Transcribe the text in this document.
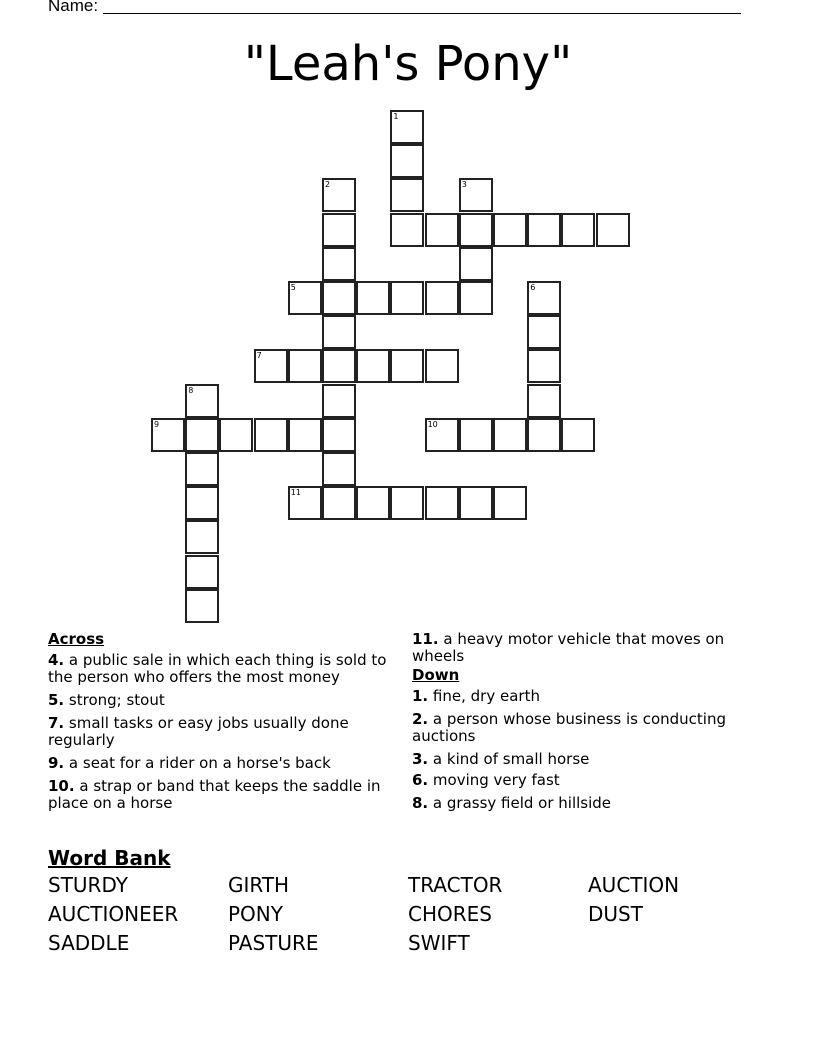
Name:
"Leah's Pony"
5
7
9	10
11
1
2	3
6
8
Across
4. a public sale in which each thing is sold to the person who offers the most money
5. strong; stout
7. small tasks or easy jobs usually done regularly
9. a seat for a rider on a horse's back
10. a strap or band that keeps the saddle in place on a horse
11. a heavy motor vehicle that moves on wheels
Down
1. fine, dry earth
2. a person whose business is conducting auctions
3. a kind of small horse
6. moving very fast
8. a grassy field or hillside
Word Bank
STURDY	GIRTH	TRACTOR	AUCTION
AUCTIONEER	PONY	CHORES	DUST
SADDLE	PASTURE	SWIFT
